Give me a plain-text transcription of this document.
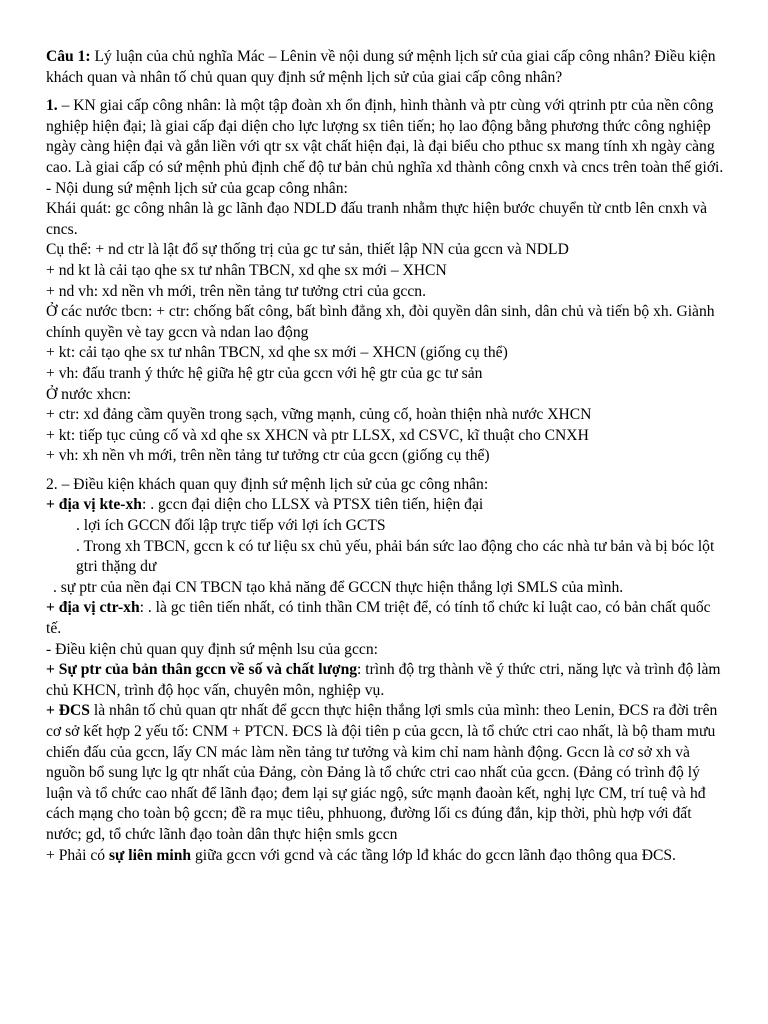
Câu 1: Lý luận của chủ nghĩa Mác – Lênin về nội dung sứ mệnh lịch sử của giai cấp công nhân? Điều kiện khách quan và nhân tố chủ quan quy định sứ mệnh lịch sử của giai cấp công nhân?

1. – KN giai cấp công nhân: là một tập đoàn xh ổn định, hình thành và ptr cùng với qtrinh ptr của nền công nghiệp hiện đại; là giai cấp đại diện cho lực lượng sx tiên tiến; họ lao động bằng phương thức công nghiệp ngày càng hiện đại và gắn liền với qtr sx vật chất hiện đại, là đại biểu cho pthuc sx mang tính xh ngày càng cao. Là giai cấp có sứ mệnh phủ định chế độ tư bản chủ nghĩa xd thành công cnxh và cncs trên toàn thế giới.

- Nội dung sứ mệnh lịch sử của gcap công nhân:

Khái quát: gc công nhân là gc lãnh đạo NDLD đấu tranh nhằm thực hiện bước chuyển từ cntb lên cnxh và cncs.

Cụ thể: + nd ctr là lật đổ sự thống trị của gc tư sản, thiết lập NN của gccn và NDLD

+ nd kt là cải tạo qhe sx tư nhân TBCN, xd qhe sx mới – XHCN

+ nd vh: xd nền vh mới, trên nền tảng tư tưởng ctri của gccn.

Ở các nước tbcn: + ctr: chống bất công, bất bình đẳng xh, đòi quyền dân sinh, dân chủ và tiến bộ xh. Giành chính quyền vè tay gccn và ndan lao động

+ kt: cải tạo qhe sx tư nhân TBCN, xd qhe sx mới – XHCN (giống cụ thể)

+ vh: đấu tranh ý thức hệ giữa hệ gtr của gccn với hệ gtr của gc tư sản

Ở nước xhcn:

+ ctr: xd đảng cầm quyền trong sạch, vững mạnh, củng cố, hoàn thiện nhà nước XHCN

+ kt: tiếp tục củng cố và xd qhe sx XHCN và ptr LLSX, xd CSVC, kĩ thuật cho CNXH

+ vh: xh nền vh mới, trên nền tảng tư tưởng ctr của gccn (giống cụ thể)

2. – Điều kiện khách quan quy định sứ mệnh lịch sử của gc công nhân:

+ địa vị kte-xh: . gccn đại diện cho LLSX và PTSX tiên tiến, hiện đại

. lợi ích GCCN đối lập trực tiếp với lợi ích GCTS

. Trong xh TBCN, gccn k có tư liệu sx chủ yếu, phải bán sức lao động cho các nhà tư bản và bị bóc lột gtri thặng dư

. sự ptr của nền đại CN TBCN tạo khả năng để GCCN thực hiện thắng lợi SMLS của mình.

+ địa vị ctr-xh: . là gc tiên tiến nhất, có tinh thần CM triệt để, có tính tổ chức kỉ luật cao, có bản chất quốc tế.

- Điều kiện chủ quan quy định sứ mệnh lsu của gccn:

+ Sự ptr của bản thân gccn về số và chất lượng: trình độ trg thành về ý thức ctri, năng lực và trình độ làm chủ KHCN, trình độ học vấn, chuyên môn, nghiệp vụ.

+ ĐCS là nhân tố chủ quan qtr nhất để gccn thực hiện thắng lợi smls của mình: theo Lenin, ĐCS ra đời trên cơ sở kết hợp 2 yếu tố: CNM + PTCN. ĐCS là đội tiên p của gccn, là tổ chức ctri cao nhất, là bộ tham mưu chiến đấu của gccn, lấy CN mác làm nền tảng tư tưởng và kim chỉ nam hành động. Gccn là cơ sở xh và nguồn bổ sung lực lg qtr nhất của Đảng, còn Đảng là tổ chức ctri cao nhất của gccn. (Đảng có trình độ lý luận và tổ chức cao nhất để lãnh đạo; đem lại sự giác ngộ, sức mạnh đaoàn kết, nghị lực CM, trí tuệ và hđ cách mạng cho toàn bộ gccn; đề ra mục tiêu, phhuong, đường lối cs đúng đắn, kịp thời, phù hợp với đất nước; gd, tổ chức lãnh đạo toàn dân thực hiện smls gccn

+ Phải có sự liên minh giữa gccn với gcnd và các tầng lớp lđ khác do gccn lãnh đạo thông qua ĐCS.
